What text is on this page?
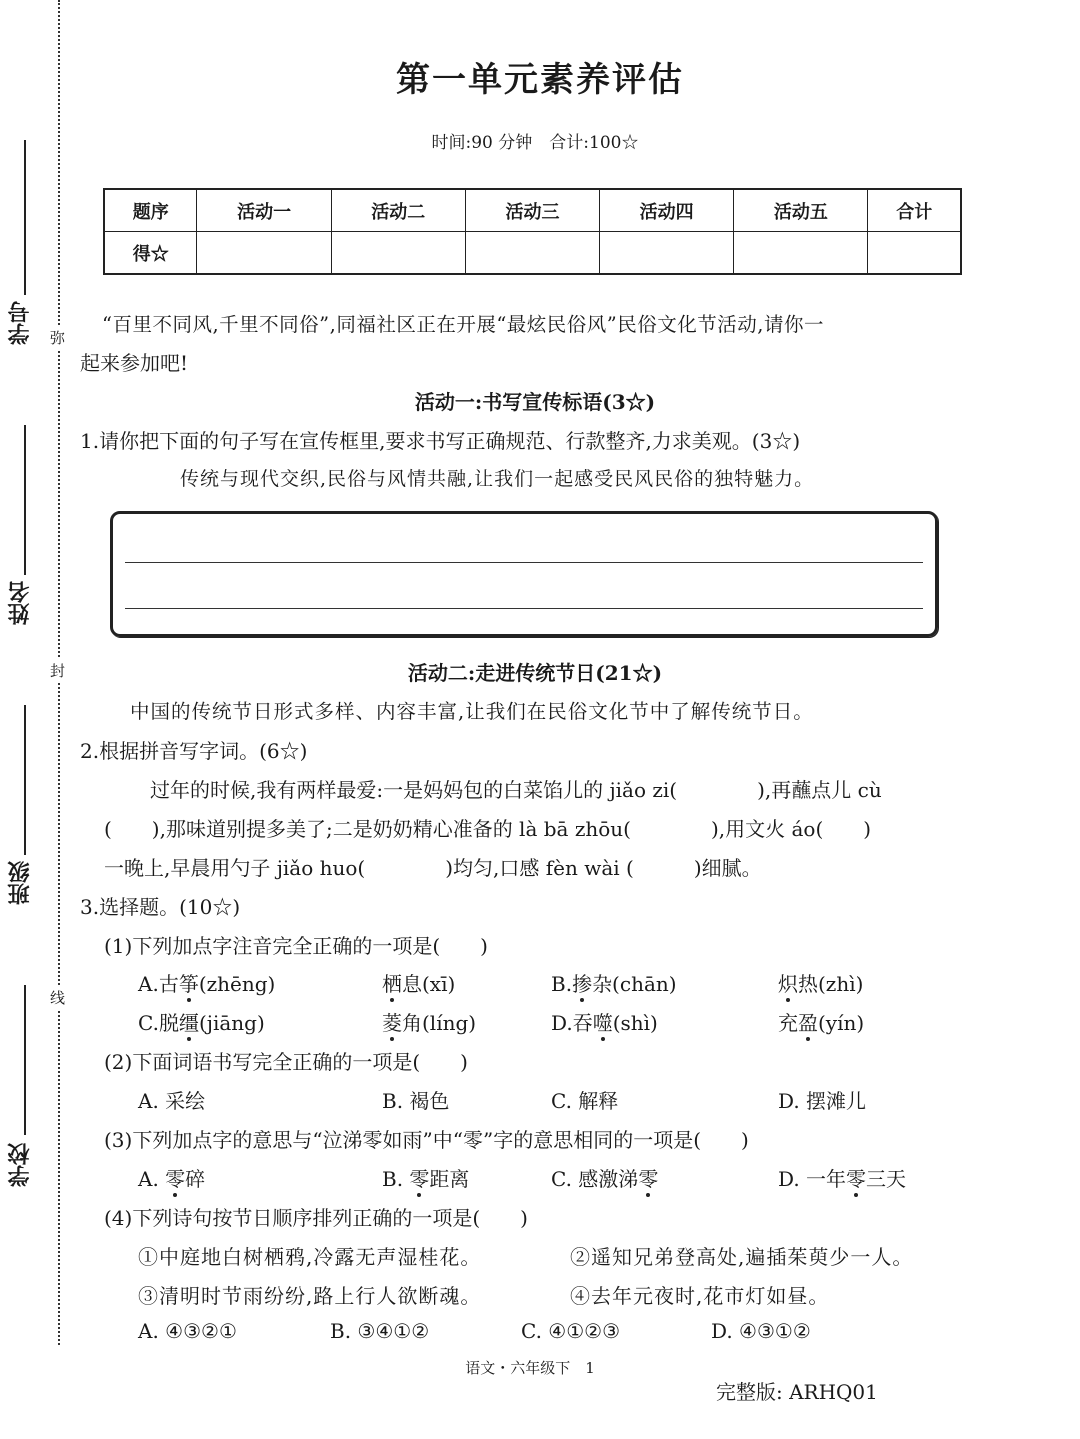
学号
姓名
班级
学校
弥
封
线
第一单元素养评估
时间:90 分钟　合计:100☆
题序	活动一	活动二	活动三	活动四	活动五	合计
得☆						
“百里不同风,千里不同俗”,同福社区正在开展“最炫民俗风”民俗文化节活动,请你一
起来参加吧!
活动一:书写宣传标语(3☆)
1.请你把下面的句子写在宣传框里,要求书写正确规范、行款整齐,力求美观。(3☆)
传统与现代交织,民俗与风情共融,让我们一起感受民风民俗的独特魅力。
活动二:走进传统节日(21☆)
中国的传统节日形式多样、内容丰富,让我们在民俗文化节中了解传统节日。
2.根据拼音写字词。(6☆)
过年的时候,我有两样最爱:一是妈妈包的白菜馅儿的 jiǎo zi(　　　　),再蘸点儿 cù
(　　),那味道别提多美了;二是奶奶精心准备的 là bā zhōu(　　　　),用文火 áo(　　)
一晚上,早晨用勺子 jiǎo huo(　　　　)均匀,口感 fèn wài (　　　)细腻。
3.选择题。(10☆)
(1)下列加点字注音完全正确的一项是(　　)
A.古筝(zhēng)	栖息(xī)	B.掺杂(chān)	炽热(zhì)
C.脱缰(jiāng)	菱角(líng)	D.吞噬(shì)	充盈(yín)
(2)下面词语书写完全正确的一项是(　　)
A. 采绘	B. 褐色	C. 解释	D. 摆滩儿
(3)下列加点字的意思与“泣涕零如雨”中“零”字的意思相同的一项是(　　)
A. 零碎	B. 零距离	C. 感激涕零	D. 一年零三天
(4)下列诗句按节日顺序排列正确的一项是(　　)
①中庭地白树栖鸦,冷露无声湿桂花。	②遥知兄弟登高处,遍插茱萸少一人。
③清明时节雨纷纷,路上行人欲断魂。	④去年元夜时,花市灯如昼。
A. ④③②①	B. ③④①②	C. ④①②③	D. ④③①②
语文・六年级下　1
完整版: ARHQ01
